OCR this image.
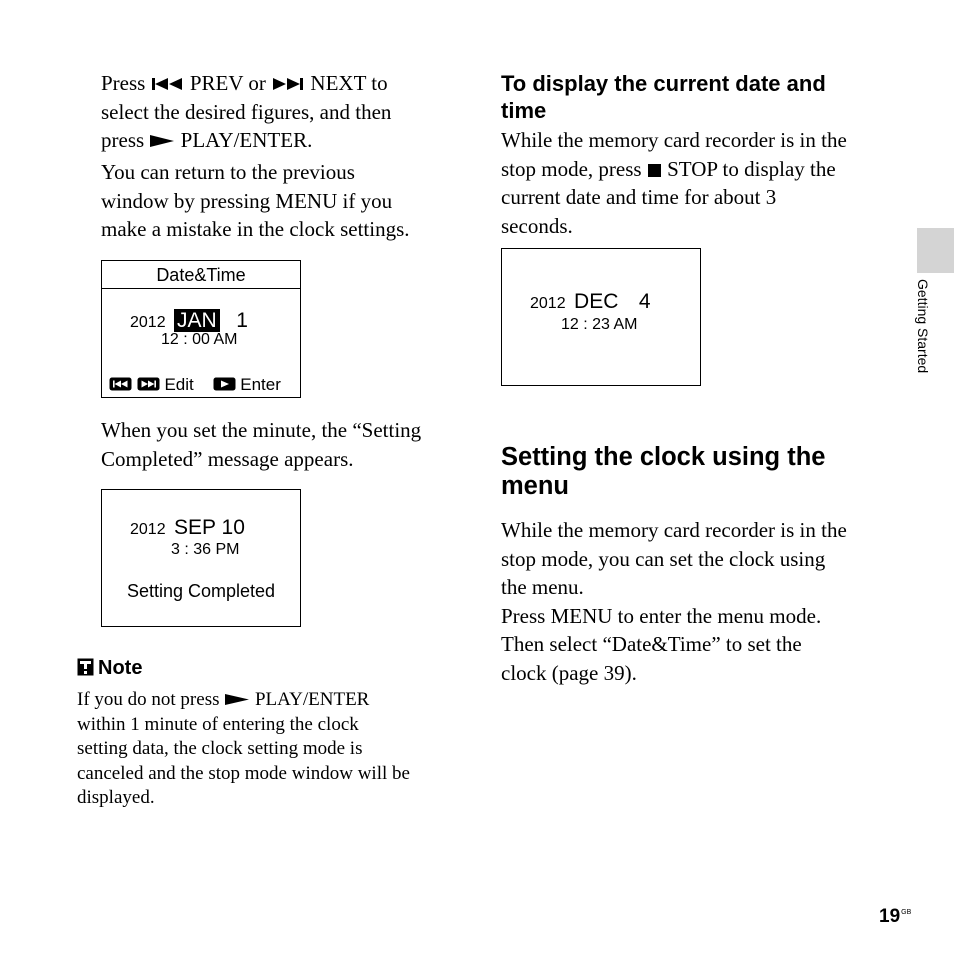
Press PREV or NEXT to
select the desired figures, and then
press PLAY/ENTER.
You can return to the previous
window by pressing MENU if you
make a mistake in the clock settings.
Date&Time
2012 JAN 1
12 : 00 AM

Edit	Enter
When you set the minute, the “Setting
Completed” message appears.
2012 SEP 10
3 : 36 PM
Setting Completed
Note
If you do not press PLAY/ENTER
within 1 minute of entering the clock
setting data, the clock setting mode is
canceled and the stop mode window will be
displayed.
To display the current date and
time
While the memory card recorder is in the
stop mode, press STOP to display the
current date and time for about 3
seconds.
2012 DEC 4
12 : 23 AM
Setting the clock using the
menu
While the memory card recorder is in the
stop mode, you can set the clock using
the menu.
Press MENU to enter the menu mode.
Then select “Date&Time” to set the
clock (page 39).
Getting Started
$19^{GB}$
